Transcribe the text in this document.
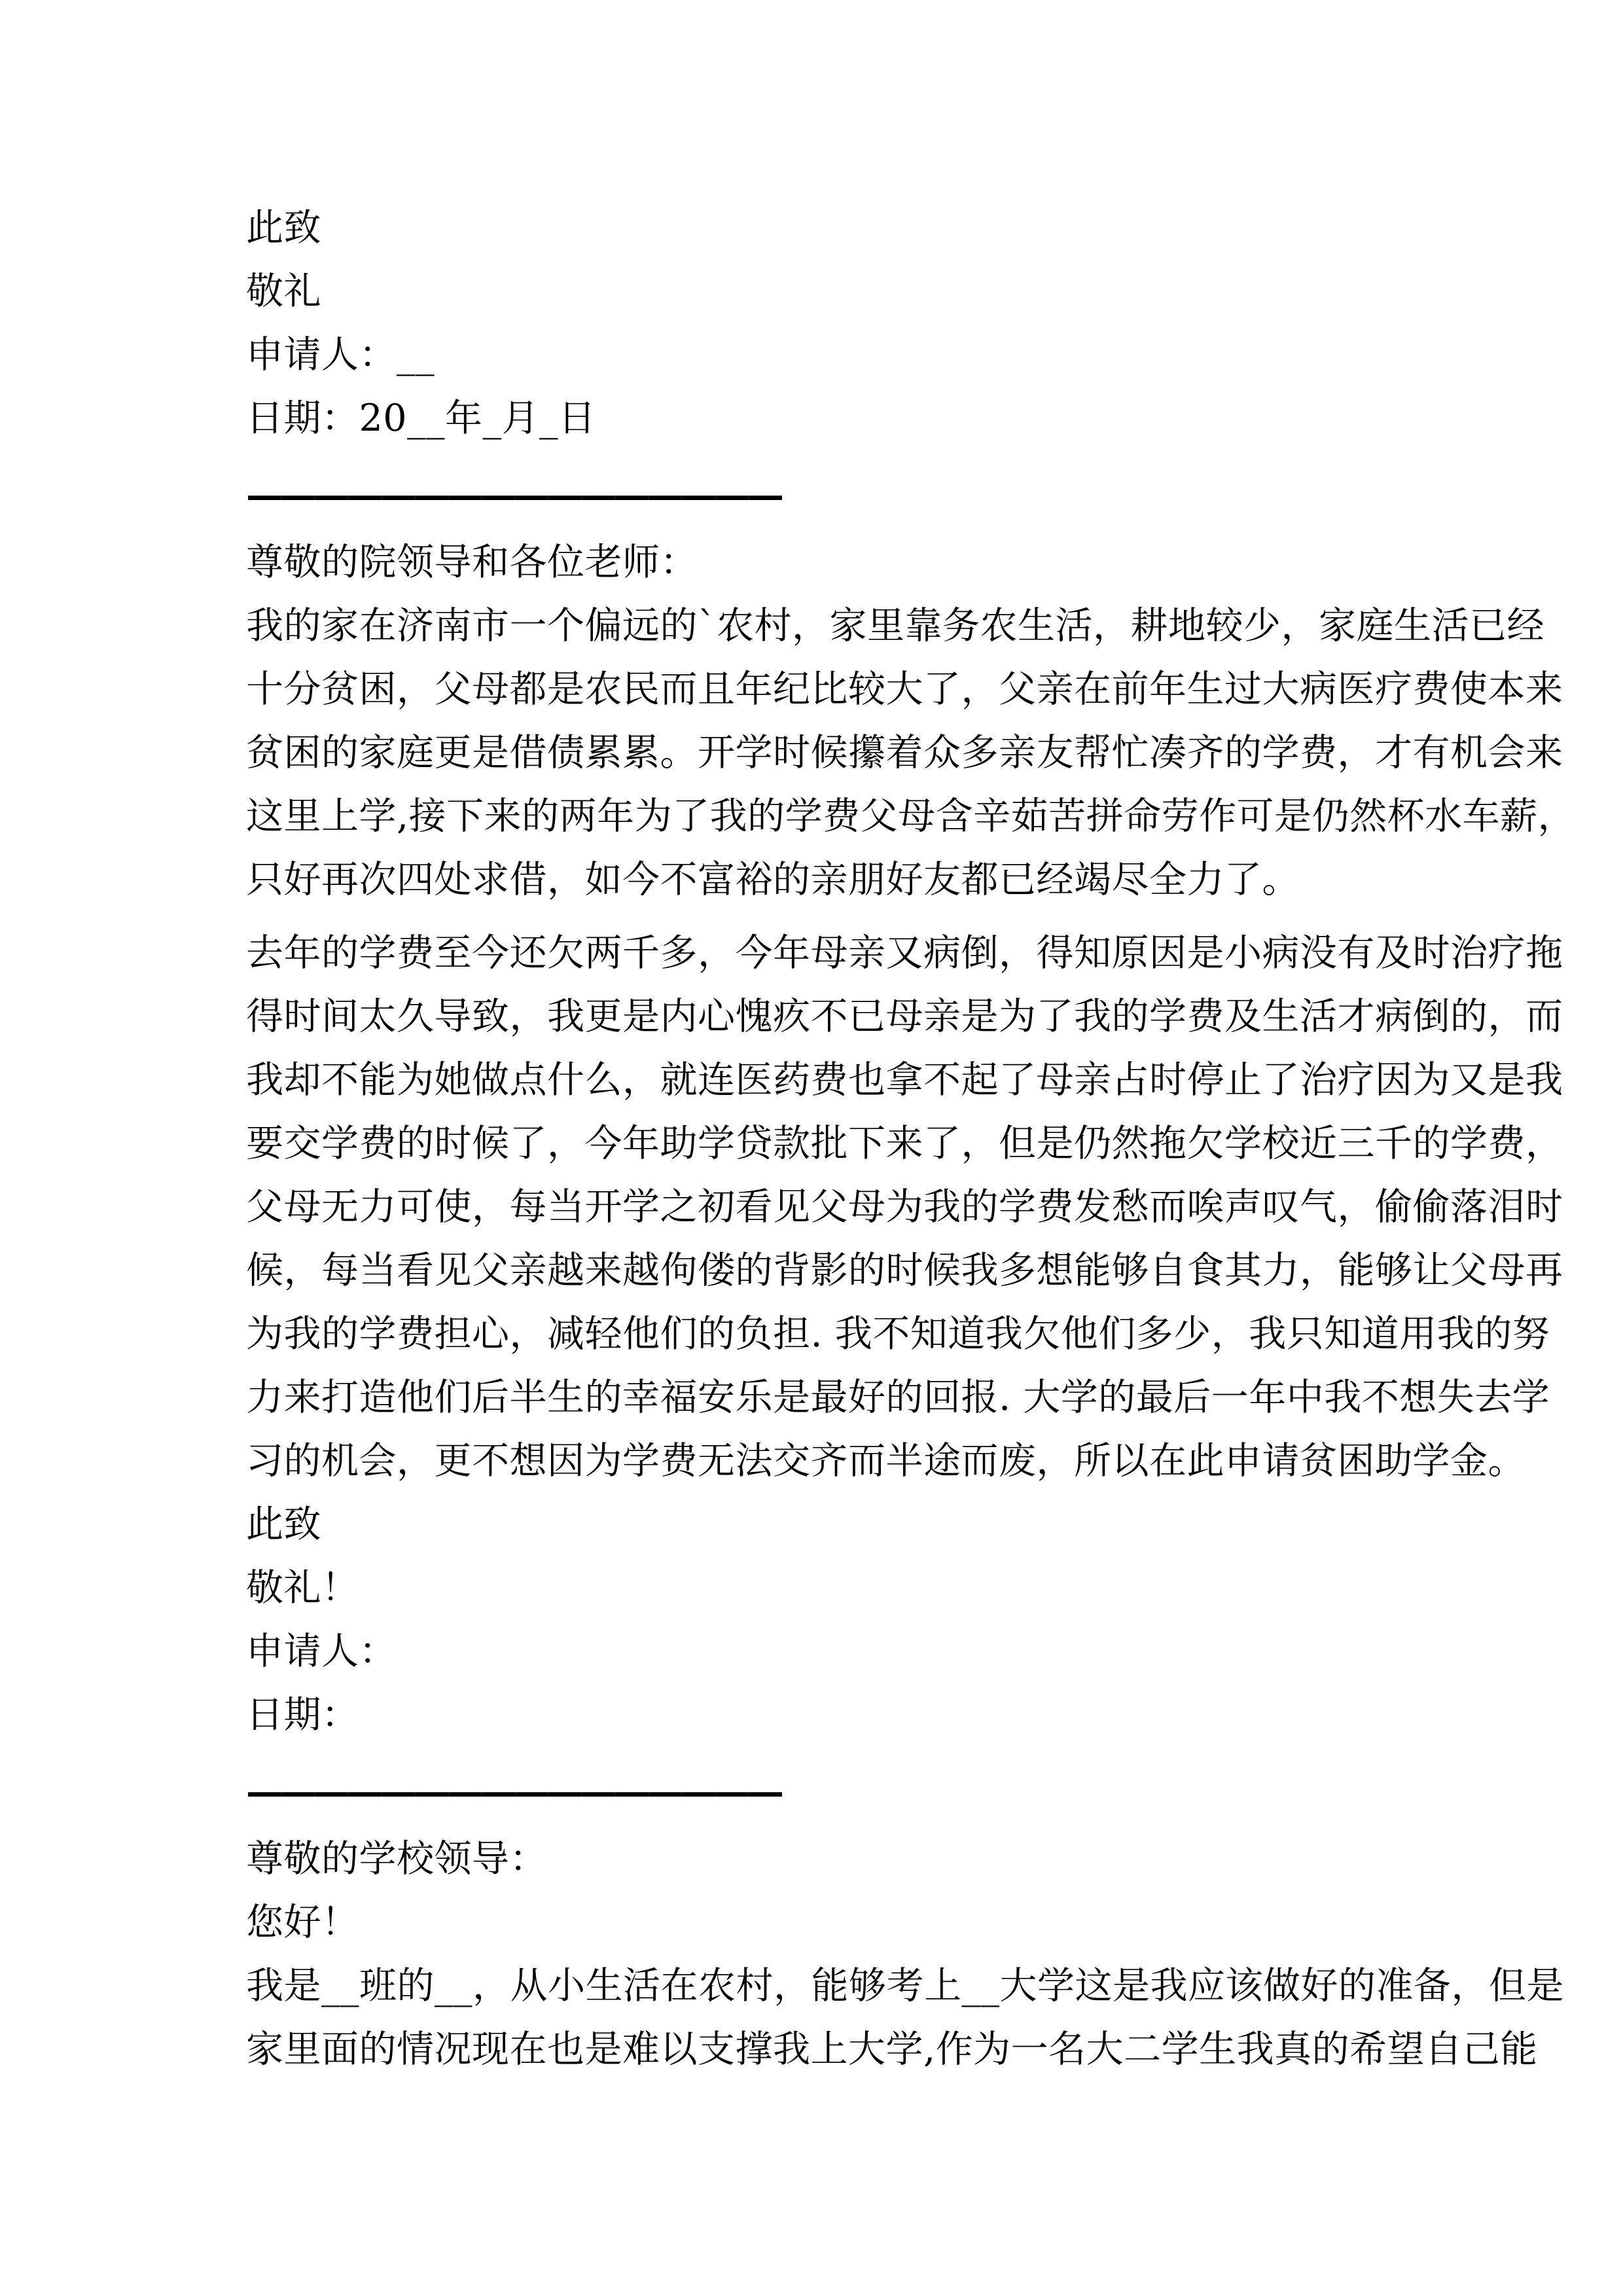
此致
敬礼
申请人：__
日期：20__年_月_日
————————————————
尊敬的院领导和各位老师：
我的家在济南市一个偏远的`农村，家里靠务农生活，耕地较少，家庭生活已经
十分贫困，父母都是农民而且年纪比较大了，父亲在前年生过大病医疗费使本来
贫困的家庭更是借债累累。开学时候攥着众多亲友帮忙凑齐的学费，才有机会来
这里上学,接下来的两年为了我的学费父母含辛茹苦拼命劳作可是仍然杯水车薪，
只好再次四处求借，如今不富裕的亲朋好友都已经竭尽全力了。
去年的学费至今还欠两千多，今年母亲又病倒，得知原因是小病没有及时治疗拖
得时间太久导致，我更是内心愧疚不已母亲是为了我的学费及生活才病倒的，而
我却不能为她做点什么，就连医药费也拿不起了母亲占时停止了治疗因为又是我
要交学费的时候了，今年助学贷款批下来了，但是仍然拖欠学校近三千的学费，
父母无力可使，每当开学之初看见父母为我的学费发愁而唉声叹气，偷偷落泪时
候，每当看见父亲越来越佝偻的背影的时候我多想能够自食其力，能够让父母再
为我的学费担心，减轻他们的负担. 我不知道我欠他们多少，我只知道用我的努
力来打造他们后半生的幸福安乐是最好的回报. 大学的最后一年中我不想失去学
习的机会，更不想因为学费无法交齐而半途而废，所以在此申请贫困助学金。
此致
敬礼！
申请人：
日期：
————————————————
尊敬的学校领导：
您好！
我是__班的__，从小生活在农村，能够考上__大学这是我应该做好的准备，但是
家里面的情况现在也是难以支撑我上大学,作为一名大二学生我真的希望自己能
